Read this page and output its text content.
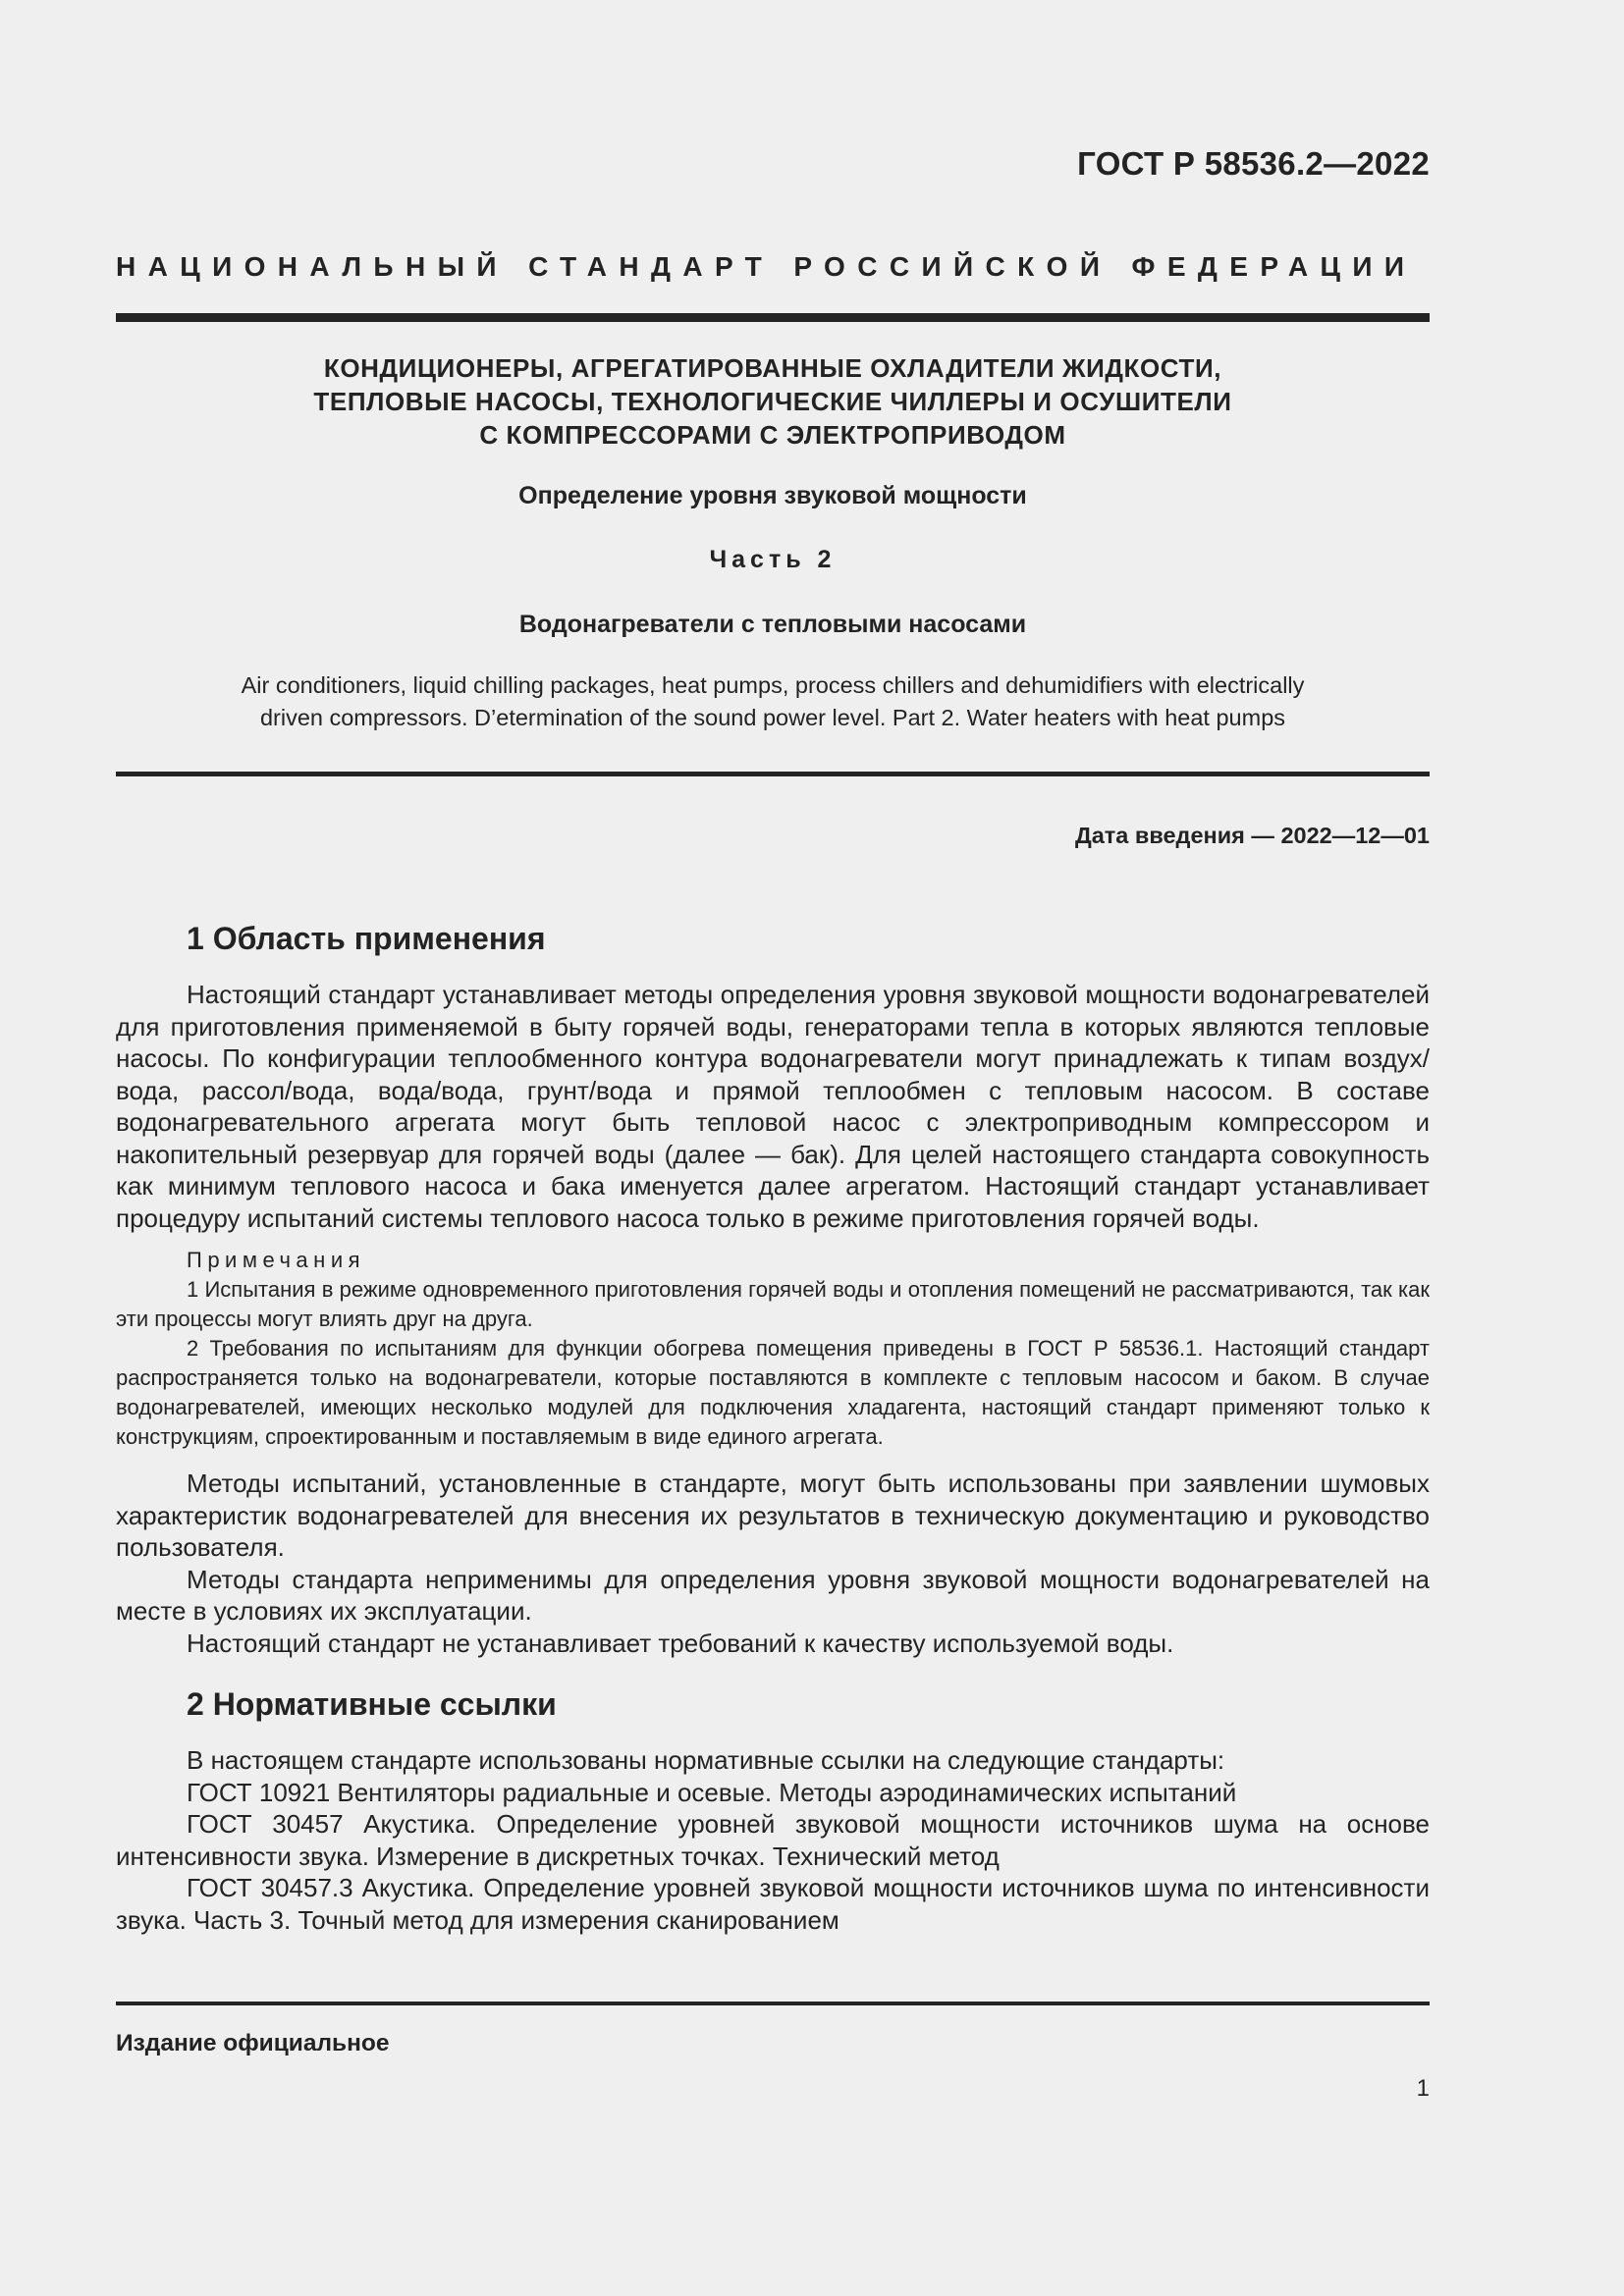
ГОСТ Р 58536.2—2022
НАЦИОНАЛЬНЫЙ СТАНДАРТ РОССИЙСКОЙ ФЕДЕРАЦИИ
КОНДИЦИОНЕРЫ, АГРЕГАТИРОВАННЫЕ ОХЛАДИТЕЛИ ЖИДКОСТИ,
ТЕПЛОВЫЕ НАСОСЫ, ТЕХНОЛОГИЧЕСКИЕ ЧИЛЛЕРЫ И ОСУШИТЕЛИ
С КОМПРЕССОРАМИ С ЭЛЕКТРОПРИВОДОМ
Определение уровня звуковой мощности
Часть 2
Водонагреватели с тепловыми насосами
Air conditioners, liquid chilling packages, heat pumps, process chillers and dehumidifiers with electrically
driven compressors. D’etermination of the sound power level. Part 2. Water heaters with heat pumps
Дата введения — 2022—12—01
1 Область применения

Настоящий стандарт устанавливает методы определения уровня звуковой мощности водонагревателей для приготовления применяемой в быту горячей воды, генераторами тепла в которых являются тепловые насосы. По конфигурации теплообменного контура водонагреватели могут принадлежать к типам воздух/вода, рассол/вода, вода/вода, грунт/вода и прямой теплообмен с тепловым насосом. В составе водонагревательного агрегата могут быть тепловой насос с электроприводным компрессором и накопительный резервуар для горячей воды (далее — бак). Для целей настоящего стандарта совокупность как минимум теплового насоса и бака именуется далее агрегатом. Настоящий стандарт устанавливает процедуру испытаний системы теплового насоса только в режиме приготовления горячей воды.

Примечания

1 Испытания в режиме одновременного приготовления горячей воды и отопления помещений не рассматриваются, так как эти процессы могут влиять друг на друга.

2 Требования по испытаниям для функции обогрева помещения приведены в ГОСТ Р 58536.1. Настоящий стандарт распространяется только на водонагреватели, которые поставляются в комплекте с тепловым насосом и баком. В случае водонагревателей, имеющих несколько модулей для подключения хладагента, настоящий стандарт применяют только к конструкциям, спроектированным и поставляемым в виде единого агрегата.

Методы испытаний, установленные в стандарте, могут быть использованы при заявлении шумовых характеристик водонагревателей для внесения их результатов в техническую документацию и руководство пользователя.

Методы стандарта неприменимы для определения уровня звуковой мощности водонагревателей на месте в условиях их эксплуатации.

Настоящий стандарт не устанавливает требований к качеству используемой воды.

2 Нормативные ссылки

В настоящем стандарте использованы нормативные ссылки на следующие стандарты:

ГОСТ 10921 Вентиляторы радиальные и осевые. Методы аэродинамических испытаний

ГОСТ 30457 Акустика. Определение уровней звуковой мощности источников шума на основе интенсивности звука. Измерение в дискретных точках. Технический метод

ГОСТ 30457.3 Акустика. Определение уровней звуковой мощности источников шума по интенсивности звука. Часть 3. Точный метод для измерения сканированием

Издание официальное
1
